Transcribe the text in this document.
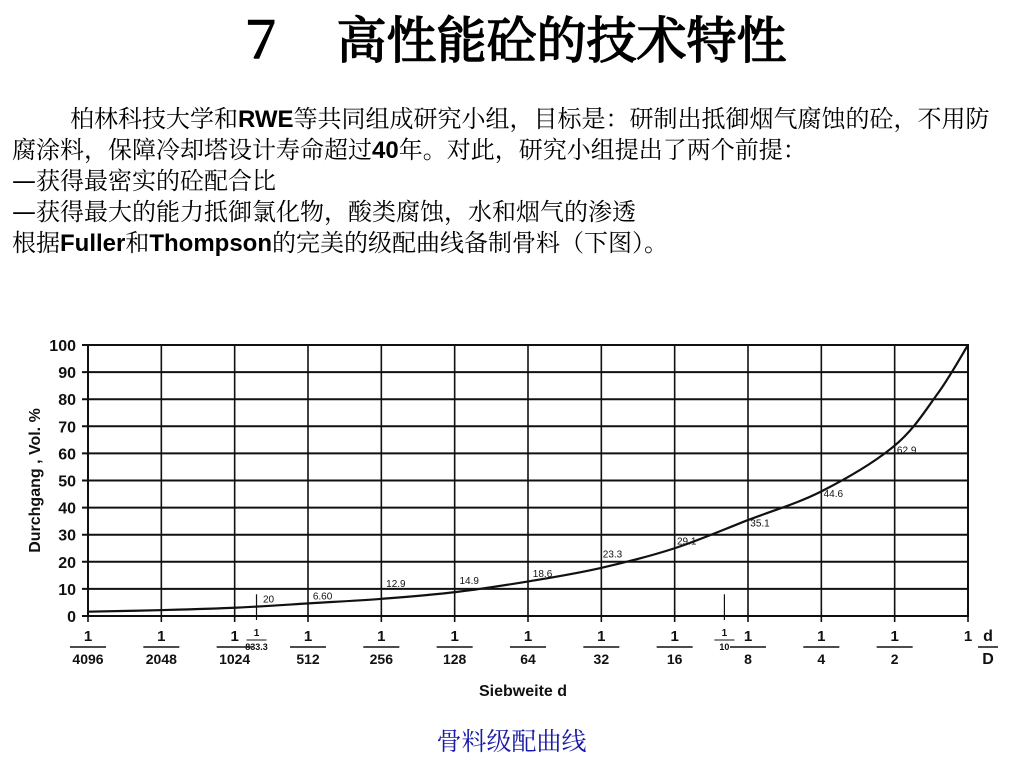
７　高性能砼的技术特性

柏林科技大学和RWE等共同组成研究小组，目标是：研制出抵御烟气腐蚀的砼，不用防腐涂料，保障冷却塔设计寿命超过40年。对此，研究小组提出了两个前提：

—获得最密实的砼配合比

—获得最大的能力抵御氯化物，酸类腐蚀，水和烟气的渗透

根据Fuller和Thompson的完美的级配曲线备制骨料（下图）。

0
10
20
30
40
50
60
70
80
90
100
1
4096
1
2048
1
1024
1
512
1
256
1
128
1
64
1
32
1
16
1
8
1
4
1
2
1
1
833.3
1
10
d
D
Siebweite d
Durchgang , Vol. %
20	6.60
12.9	14.9
18.6
23.3
29.1
35.1
44.6
62.9
骨料级配曲线
